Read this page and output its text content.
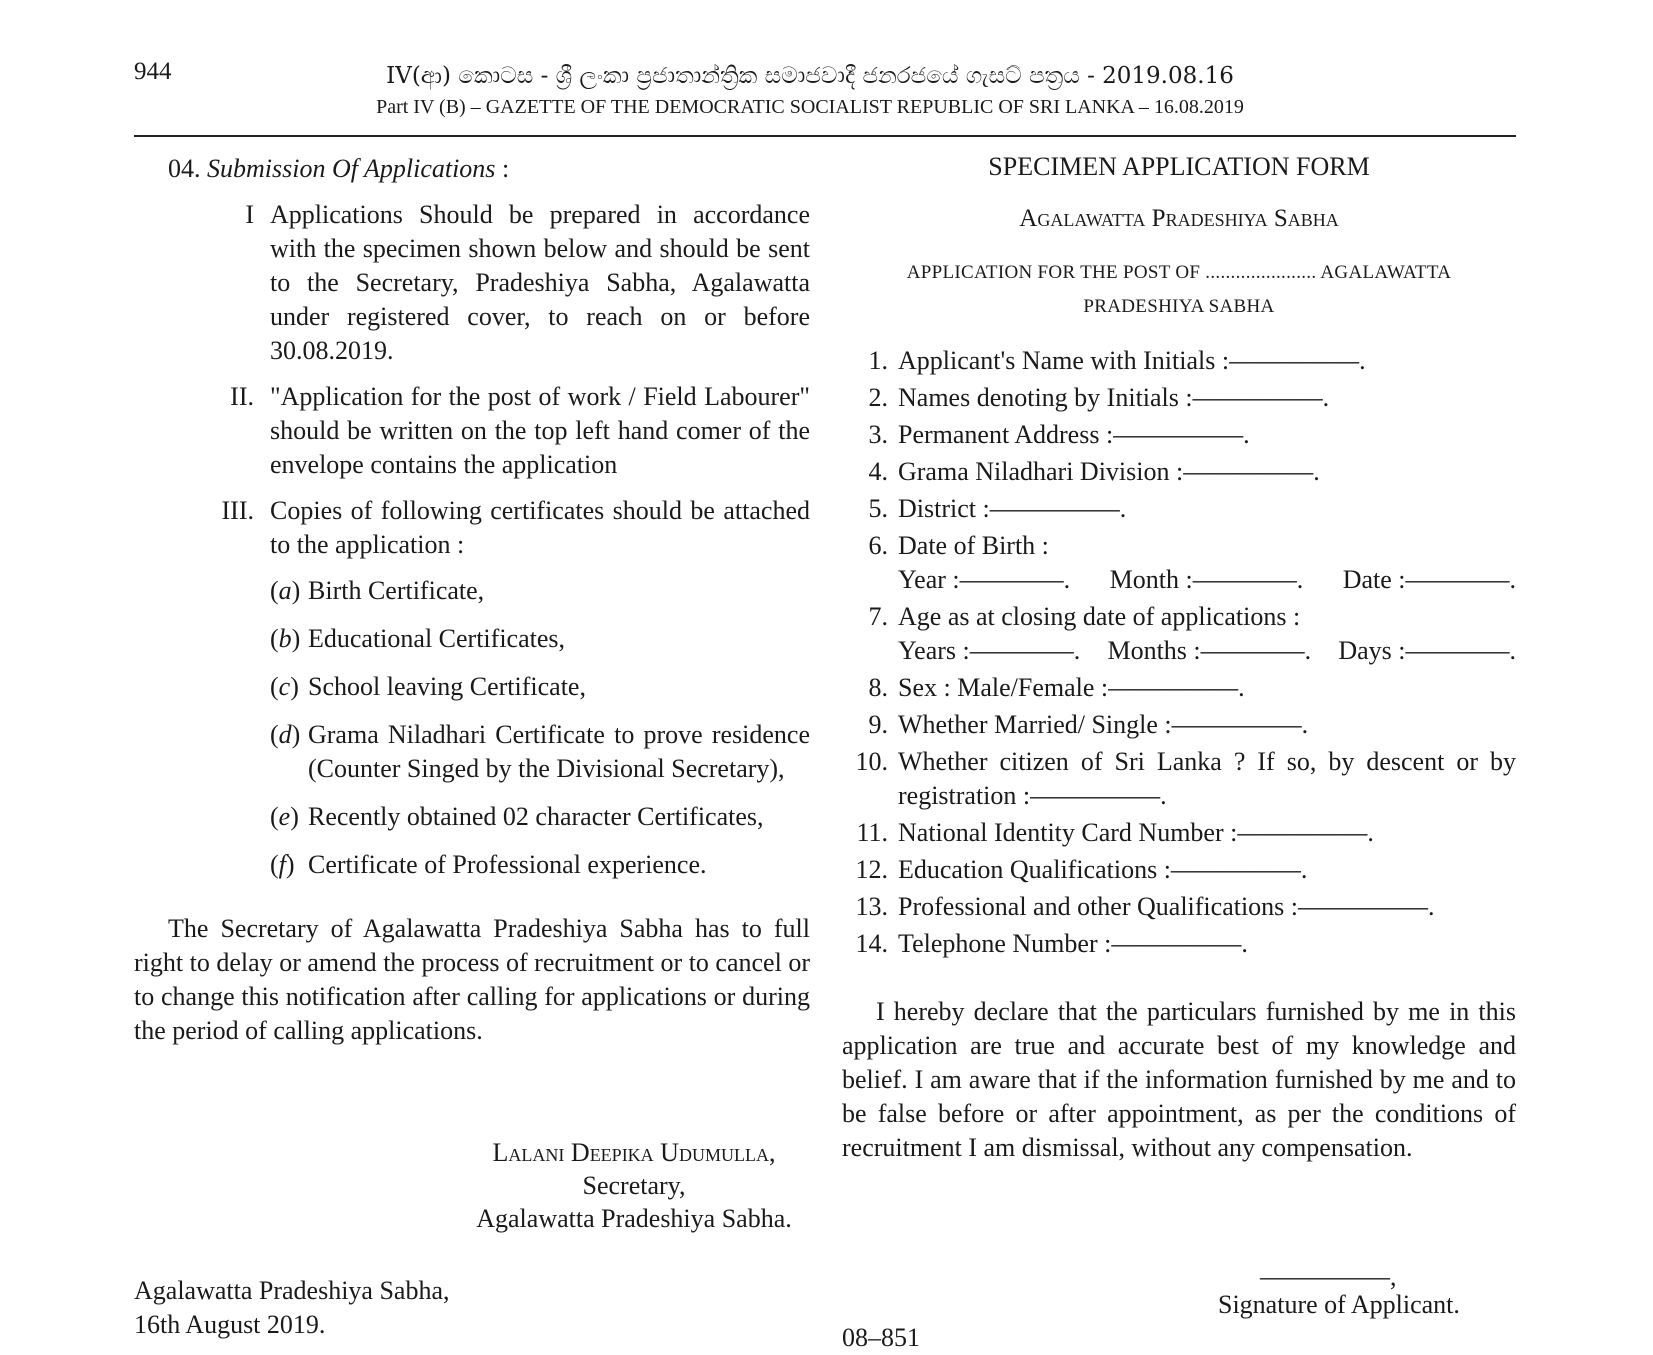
944	IV(ආ) කොටස - ශ්‍රී ලංකා ප්‍රජාතාන්ත්‍රික සමාජවාදී ජනරජයේ ගැසට් පත්‍රය - 2019.08.16
Part IV (B) – GAZETTE OF THE DEMOCRATIC SOCIALIST REPUBLIC OF SRI LANKA – 16.08.2019
04. Submission Of Applications :
I Applications Should be prepared in accordance with the specimen shown below and should be sent to the Secretary, Pradeshiya Sabha, Agalawatta under registered cover, to reach on or before 30.08.2019.
II. "Application for the post of work / Field Labourer" should be written on the top left hand comer of the envelope contains the application
III. Copies of following certificates should be attached to the application :
(a) Birth Certificate,
(b) Educational Certificates,
(c) School leaving Certificate,
(d) Grama Niladhari Certificate to prove residence (Counter Singed by the Divisional Secretary),
(e) Recently obtained 02 character Certificates,
(f) Certificate of Professional experience.
The Secretary of Agalawatta Pradeshiya Sabha has to full right to delay or amend the process of recruitment or to cancel or to change this notification after calling for applications or during the period of calling applications.
Lalani Deepika Udumulla,
Secretary,
Agalawatta Pradeshiya Sabha.
Agalawatta Pradeshiya Sabha,
16th August 2019.	08–851
SPECIMEN APPLICATION FORM
Agalawatta Pradeshiya Sabha
APPLICATION FOR THE POST OF ...................... AGALAWATTA
PRADESHIYA SABHA
1. Applicant's Name with Initials :—————.
2. Names denoting by Initials :—————.
3. Permanent Address :—————.
4. Grama Niladhari Division :—————.
5. District :—————.
6. Date of Birth :
Year :————. Month :————. Date :————.
7. Age as at closing date of applications :
Years :————. Months :————. Days :————.
8. Sex : Male/Female :—————.
9. Whether Married/ Single :—————.
10. Whether citizen of Sri Lanka ? If so, by descent or by registration :—————.
11. National Identity Card Number :—————.
12. Education Qualifications :—————.
13. Professional and other Qualifications :—————.
14. Telephone Number :—————.
I hereby declare that the particulars furnished by me in this application are true and accurate best of my knowledge and belief. I am aware that if the information furnished by me and to be false before or after appointment, as per the conditions of recruitment I am dismissal, without any compensation.
—————,
Signature of Applicant.
